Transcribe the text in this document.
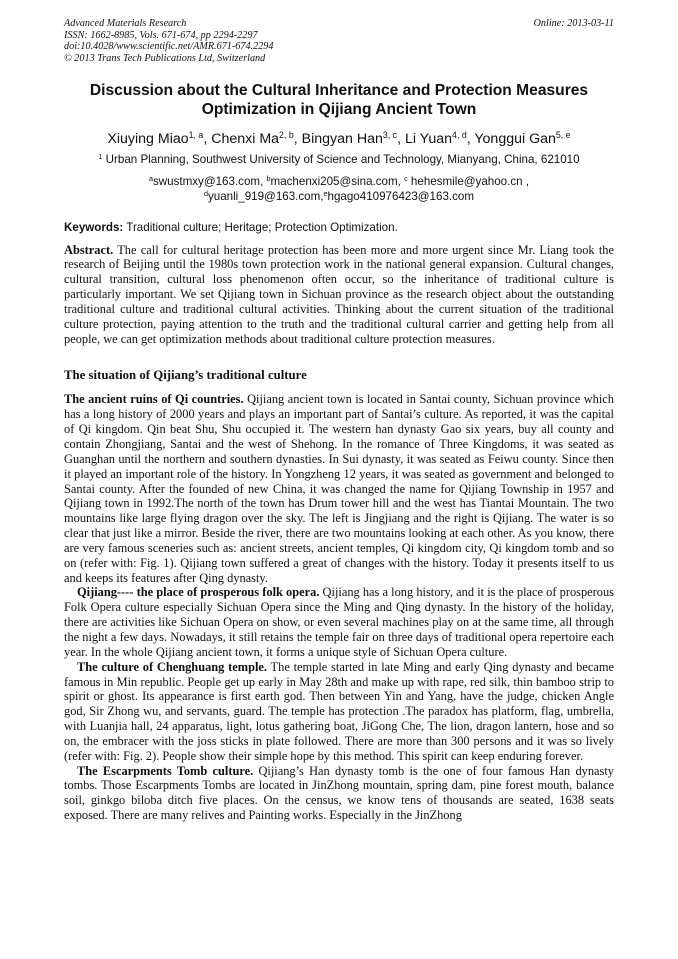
Advanced Materials Research
ISSN: 1662-8985, Vols. 671-674, pp 2294-2297
doi:10.4028/www.scientific.net/AMR.671-674.2294
© 2013 Trans Tech Publications Ltd, Switzerland
Online: 2013-03-11
Discussion about the Cultural Inheritance and Protection Measures
Optimization in Qijiang Ancient Town
Xiuying Miao$^{1, a}$, Chenxi Ma$^{2, b}$, Bingyan Han$^{3, c}$, Li Yuan$^{4, d}$, Yonggui Gan$^{5, e}$
$^1$ Urban Planning, Southwest University of Science and Technology, Mianyang, China, 621010
$^a$swustmxy@163.com, $^b$machenxi205@sina.com, $^c$ hehesmile@yahoo.cn ,
$^d$yuanli_919@163.com,$^e$hgago410976423@163.com
Keywords: Traditional culture; Heritage; Protection Optimization.

Abstract. The call for cultural heritage protection has been more and more urgent since Mr. Liang took the research of Beijing until the 1980s town protection work in the national general expansion. Cultural changes, cultural transition, cultural loss phenomenon often occur, so the inheritance of traditional culture is particularly important. We set Qijiang town in Sichuan province as the research object about the outstanding traditional culture and traditional cultural activities. Thinking about the current situation of the traditional culture protection, paying attention to the truth and the traditional cultural carrier and getting help from all people, we can get optimization methods about traditional culture protection measures.

The situation of Qijiang’s traditional culture

The ancient ruins of Qi countries. Qijiang ancient town is located in Santai county, Sichuan province which has a long history of 2000 years and plays an important part of Santai’s culture. As reported, it was the capital of Qi kingdom. Qin beat Shu, Shu occupied it. The western han dynasty Gao six years, buy all county and contain Zhongjiang, Santai and the west of Shehong. In the romance of Three Kingdoms, it was seated as Guanghan until the northern and southern dynasties. In Sui dynasty, it was seated as Feiwu county. Since then it played an important role of the history. In Yongzheng 12 years, it was seated as government and belonged to Santai county. After the founded of new China, it was changed the name for Qijiang Township in 1957 and Qijiang town in 1992.The north of the town has Drum tower hill and the west has Tiantai Mountain. The two mountains like large flying dragon over the sky. The left is Jingjiang and the right is Qijiang. The water is so clear that just like a mirror. Beside the river, there are two mountains looking at each other. As you know, there are very famous sceneries such as: ancient streets, ancient temples, Qi kingdom city, Qi kingdom tomb and so on (refer with: Fig. 1). Qijiang town suffered a great of changes with the history. Today it presents itself to us and keeps its features after Qing dynasty.

Qijiang---- the place of prosperous folk opera. Qijiang has a long history, and it is the place of prosperous Folk Opera culture especially Sichuan Opera since the Ming and Qing dynasty. In the history of the holiday, there are activities like Sichuan Opera on show, or even several machines play on at the same time, all through the night a few days. Nowadays, it still retains the temple fair on three days of traditional opera repertoire each year. In the whole Qijiang ancient town, it forms a unique style of Sichuan Opera culture.

The culture of Chenghuang temple. The temple started in late Ming and early Qing dynasty and became famous in Min republic. People get up early in May 28th and make up with rape, red silk, thin bamboo strip to spirit or ghost. Its appearance is first earth god. Then between Yin and Yang, have the judge, chicken Angle god, Sir Zhong wu, and servants, guard. The temple has protection .The paradox has platform, flag, umbrella, with Luanjia hall, 24 apparatus, light, lotus gathering boat, JiGong Che, The lion, dragon lantern, hose and so on, the embracer with the joss sticks in plate followed. There are more than 300 persons and it was so lively (refer with: Fig. 2). People show their simple hope by this method. This spirit can keep enduring forever.

The Escarpments Tomb culture. Qijiang’s Han dynasty tomb is the one of four famous Han dynasty tombs. Those Escarpments Tombs are located in JinZhong mountain, spring dam, pine forest mouth, balance soil, ginkgo biloba ditch five places. On the census, we know tens of thousands are seated, 1638 seats exposed. There are many relives and Painting works. Especially in the JinZhong
